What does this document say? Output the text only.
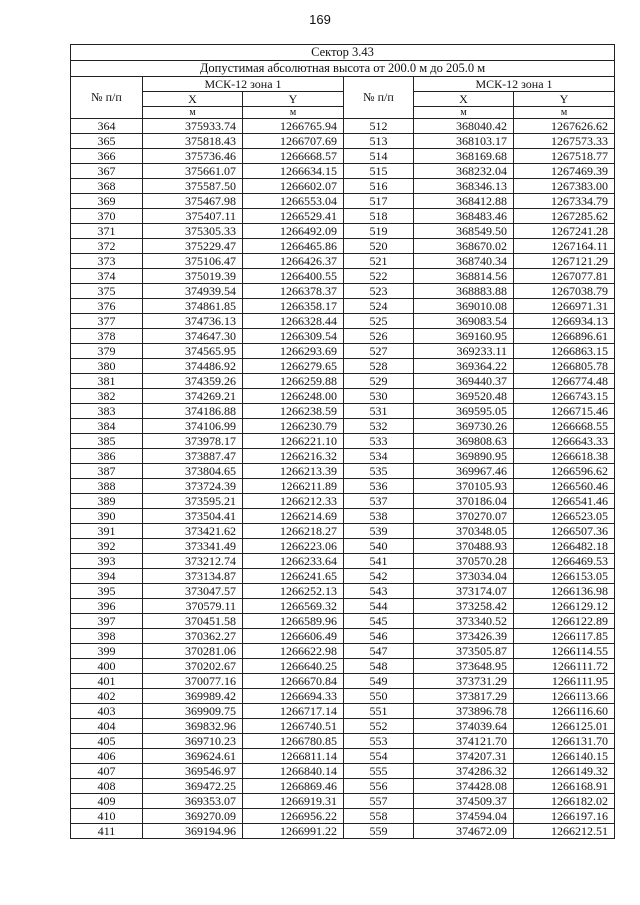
169
Сектор 3.43					
Допустимая абсолютная высота от 200.0 м до 205.0 м					
№ п/п	МСК-12 зона 1		№ п/п	МСК-12 зона 1	
	X	Y		X	Y
	м	м		м	м
364	375933.74	1266765.94	512	368040.42	1267626.62
365	375818.43	1266707.69	513	368103.17	1267573.33
366	375736.46	1266668.57	514	368169.68	1267518.77
367	375661.07	1266634.15	515	368232.04	1267469.39
368	375587.50	1266602.07	516	368346.13	1267383.00
369	375467.98	1266553.04	517	368412.88	1267334.79
370	375407.11	1266529.41	518	368483.46	1267285.62
371	375305.33	1266492.09	519	368549.50	1267241.28
372	375229.47	1266465.86	520	368670.02	1267164.11
373	375106.47	1266426.37	521	368740.34	1267121.29
374	375019.39	1266400.55	522	368814.56	1267077.81
375	374939.54	1266378.37	523	368883.88	1267038.79
376	374861.85	1266358.17	524	369010.08	1266971.31
377	374736.13	1266328.44	525	369083.54	1266934.13
378	374647.30	1266309.54	526	369160.95	1266896.61
379	374565.95	1266293.69	527	369233.11	1266863.15
380	374486.92	1266279.65	528	369364.22	1266805.78
381	374359.26	1266259.88	529	369440.37	1266774.48
382	374269.21	1266248.00	530	369520.48	1266743.15
383	374186.88	1266238.59	531	369595.05	1266715.46
384	374106.99	1266230.79	532	369730.26	1266668.55
385	373978.17	1266221.10	533	369808.63	1266643.33
386	373887.47	1266216.32	534	369890.95	1266618.38
387	373804.65	1266213.39	535	369967.46	1266596.62
388	373724.39	1266211.89	536	370105.93	1266560.46
389	373595.21	1266212.33	537	370186.04	1266541.46
390	373504.41	1266214.69	538	370270.07	1266523.05
391	373421.62	1266218.27	539	370348.05	1266507.36
392	373341.49	1266223.06	540	370488.93	1266482.18
393	373212.74	1266233.64	541	370570.28	1266469.53
394	373134.87	1266241.65	542	373034.04	1266153.05
395	373047.57	1266252.13	543	373174.07	1266136.98
396	370579.11	1266569.32	544	373258.42	1266129.12
397	370451.58	1266589.96	545	373340.52	1266122.89
398	370362.27	1266606.49	546	373426.39	1266117.85
399	370281.06	1266622.98	547	373505.87	1266114.55
400	370202.67	1266640.25	548	373648.95	1266111.72
401	370077.16	1266670.84	549	373731.29	1266111.95
402	369989.42	1266694.33	550	373817.29	1266113.66
403	369909.75	1266717.14	551	373896.78	1266116.60
404	369832.96	1266740.51	552	374039.64	1266125.01
405	369710.23	1266780.85	553	374121.70	1266131.70
406	369624.61	1266811.14	554	374207.31	1266140.15
407	369546.97	1266840.14	555	374286.32	1266149.32
408	369472.25	1266869.46	556	374428.08	1266168.91
409	369353.07	1266919.31	557	374509.37	1266182.02
410	369270.09	1266956.22	558	374594.04	1266197.16
411	369194.96	1266991.22	559	374672.09	1266212.51
